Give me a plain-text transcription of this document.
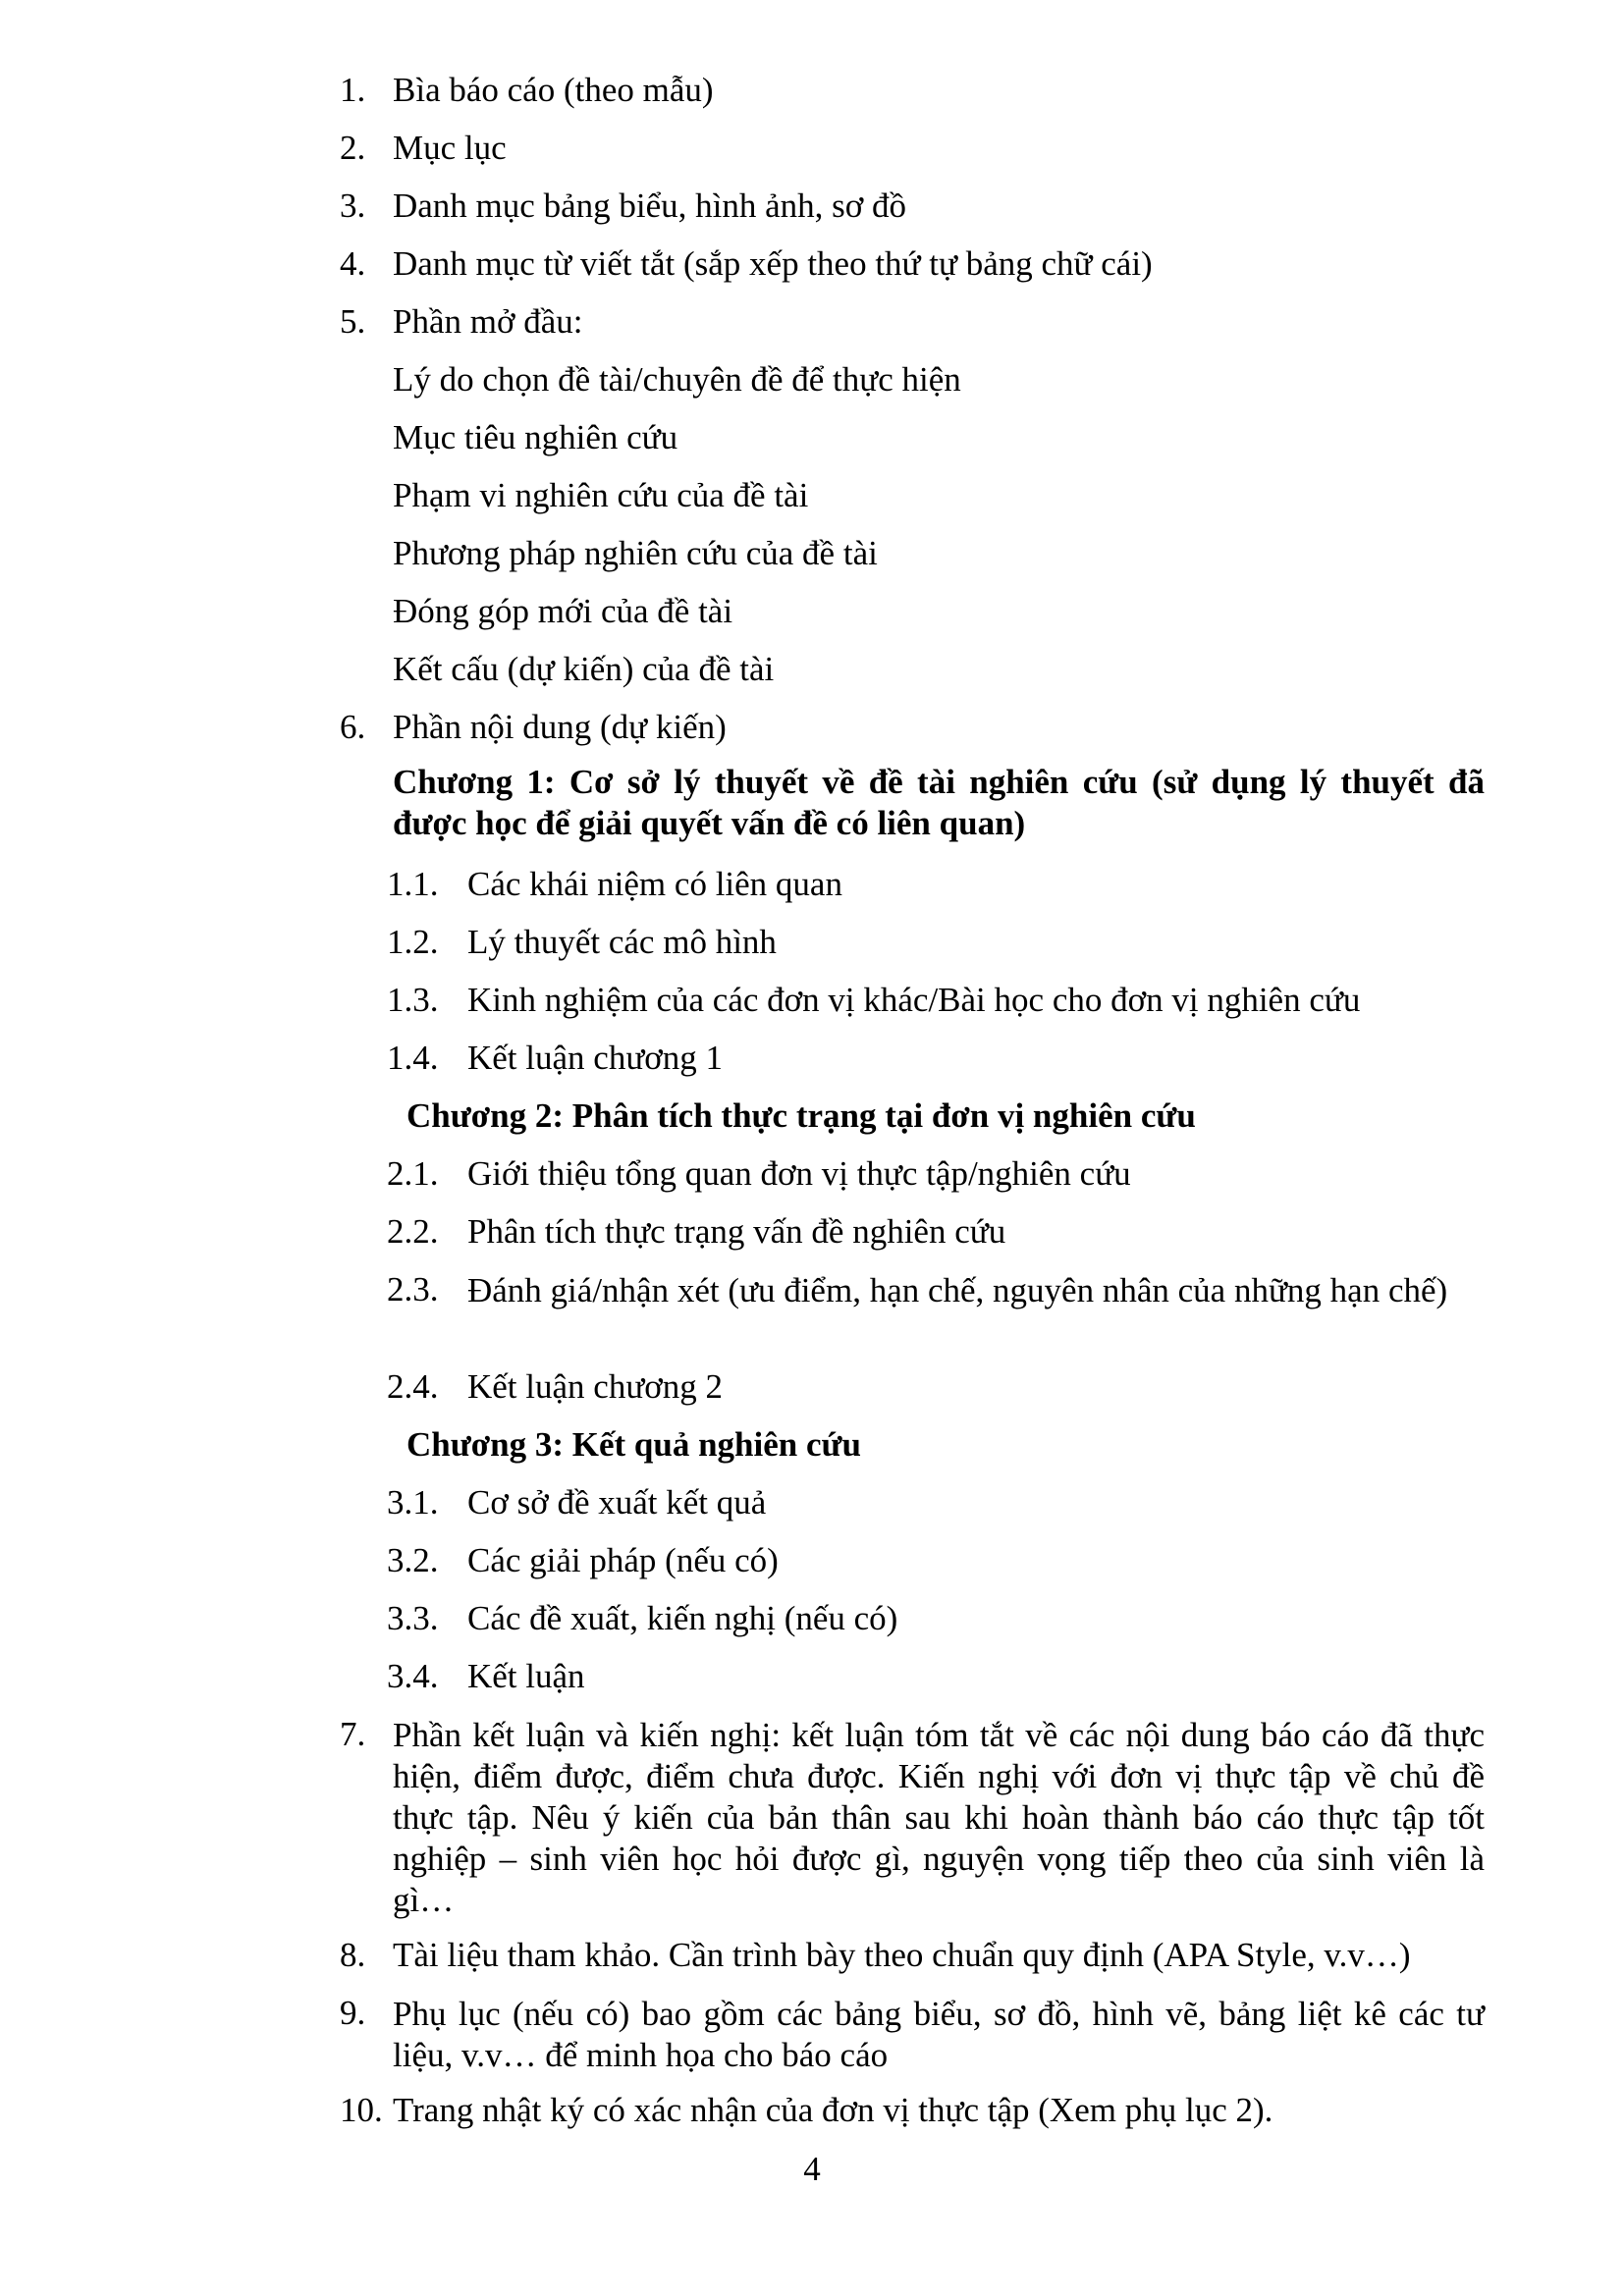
1. Bìa báo cáo (theo mẫu)
2. Mục lục
3. Danh mục bảng biểu, hình ảnh, sơ đồ
4. Danh mục từ viết tắt (sắp xếp theo thứ tự bảng chữ cái)
5. Phần mở đầu:
Lý do chọn đề tài/chuyên đề để thực hiện
Mục tiêu nghiên cứu
Phạm vi nghiên cứu của đề tài
Phương pháp nghiên cứu của đề tài
Đóng góp mới của đề tài
Kết cấu (dự kiến) của đề tài
6. Phần nội dung (dự kiến)
Chương 1: Cơ sở lý thuyết về đề tài nghiên cứu (sử dụng lý thuyết đã được học để giải quyết vấn đề có liên quan)
1.1. Các khái niệm có liên quan
1.2. Lý thuyết các mô hình
1.3. Kinh nghiệm của các đơn vị khác/Bài học cho đơn vị nghiên cứu
1.4. Kết luận chương 1
Chương 2: Phân tích thực trạng tại đơn vị nghiên cứu
2.1. Giới thiệu tổng quan đơn vị thực tập/nghiên cứu
2.2. Phân tích thực trạng vấn đề nghiên cứu
2.3. Đánh giá/nhận xét (ưu điểm, hạn chế, nguyên nhân của những hạn chế)
2.4. Kết luận chương 2
Chương 3: Kết quả nghiên cứu
3.1. Cơ sở đề xuất kết quả
3.2. Các giải pháp (nếu có)
3.3. Các đề xuất, kiến nghị (nếu có)
3.4. Kết luận
7. Phần kết luận và kiến nghị: kết luận tóm tắt về các nội dung báo cáo đã thực hiện, điểm được, điểm chưa được. Kiến nghị với đơn vị thực tập về chủ đề thực tập. Nêu ý kiến của bản thân sau khi hoàn thành báo cáo thực tập tốt nghiệp – sinh viên học hỏi được gì, nguyện vọng tiếp theo của sinh viên là gì…
8. Tài liệu tham khảo. Cần trình bày theo chuẩn quy định (APA Style, v.v…)
9. Phụ lục (nếu có) bao gồm các bảng biểu, sơ đồ, hình vẽ, bảng liệt kê các tư liệu, v.v… để minh họa cho báo cáo
10. Trang nhật ký có xác nhận của đơn vị thực tập (Xem phụ lục 2).
4
